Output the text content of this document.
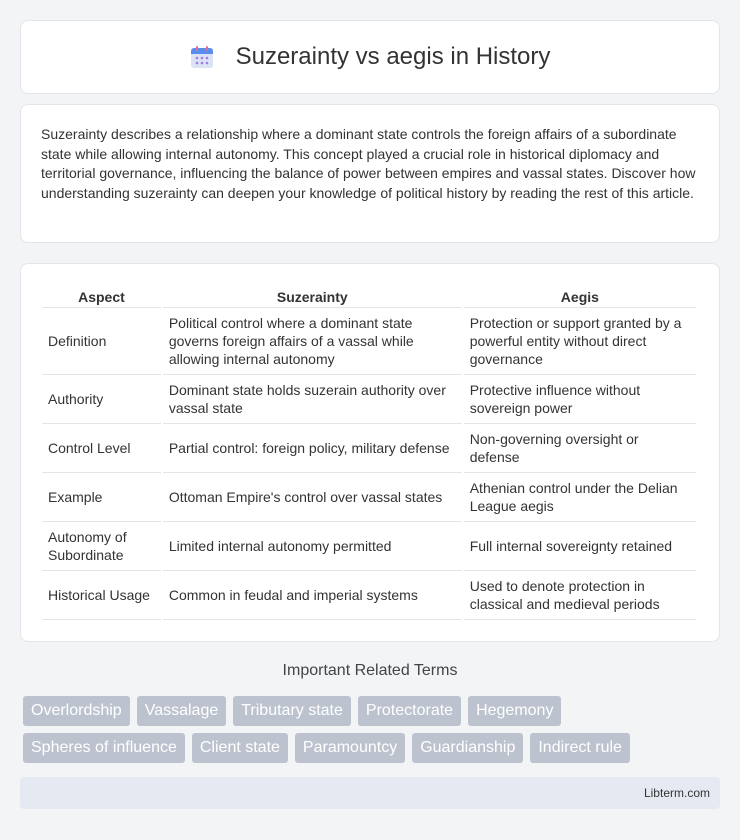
Suzerainty vs aegis in History

Suzerainty describes a relationship where a dominant state controls the foreign affairs of a subordinate state while allowing internal autonomy. This concept played a crucial role in historical diplomacy and territorial governance, influencing the balance of power between empires and vassal states. Discover how understanding suzerainty can deepen your knowledge of political history by reading the rest of this article.

Aspect	Suzerainty	Aegis
Definition	Political control where a dominant state governs foreign affairs of a vassal while allowing internal autonomy	Protection or support granted by a powerful entity without direct governance
Authority	Dominant state holds suzerain authority over vassal state	Protective influence without sovereign power
Control Level	Partial control: foreign policy, military defense	Non-governing oversight or defense
Example	Ottoman Empire's control over vassal states	Athenian control under the Delian League aegis
Autonomy of Subordinate	Limited internal autonomy permitted	Full internal sovereignty retained
Historical Usage	Common in feudal and imperial systems	Used to denote protection in classical and medieval periods
Important Related Terms
Overlordship	Vassalage	Tributary state	Protectorate	Hegemony
Spheres of influence	Client state	Paramountcy	Guardianship	Indirect rule
Libterm.com
